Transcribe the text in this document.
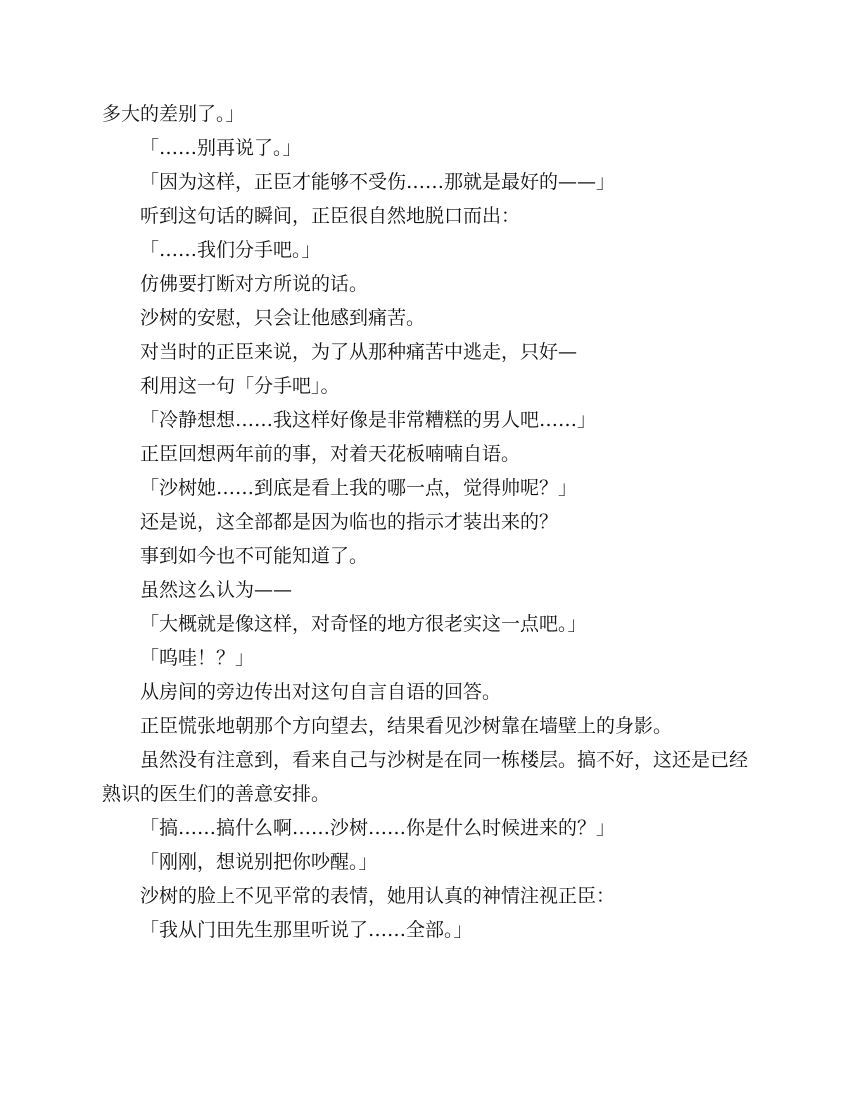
多大的差别了。」

「……别再说了。」

「因为这样，正臣才能够不受伤……那就是最好的——」

听到这句话的瞬间，正臣很自然地脱口而出：

「……我们分手吧。」

仿佛要打断对方所说的话。

沙树的安慰，只会让他感到痛苦。

对当时的正臣来说，为了从那种痛苦中逃走，只好—

利用这一句「分手吧」。

「冷静想想……我这样好像是非常糟糕的男人吧……」

正臣回想两年前的事，对着天花板喃喃自语。

「沙树她……到底是看上我的哪一点，觉得帅呢？」

还是说，这全部都是因为临也的指示才装出来的？

事到如今也不可能知道了。

虽然这么认为——

「大概就是像这样，对奇怪的地方很老实这一点吧。」

「呜哇！？」

从房间的旁边传出对这句自言自语的回答。

正臣慌张地朝那个方向望去，结果看见沙树靠在墙壁上的身影。

虽然没有注意到，看来自己与沙树是在同一栋楼层。搞不好，这还是已经熟识的医生们的善意安排。

「搞……搞什么啊……沙树……你是什么时候进来的？」

「刚刚，想说别把你吵醒。」

沙树的脸上不见平常的表情，她用认真的神情注视正臣：

「我从门田先生那里听说了……全部。」
